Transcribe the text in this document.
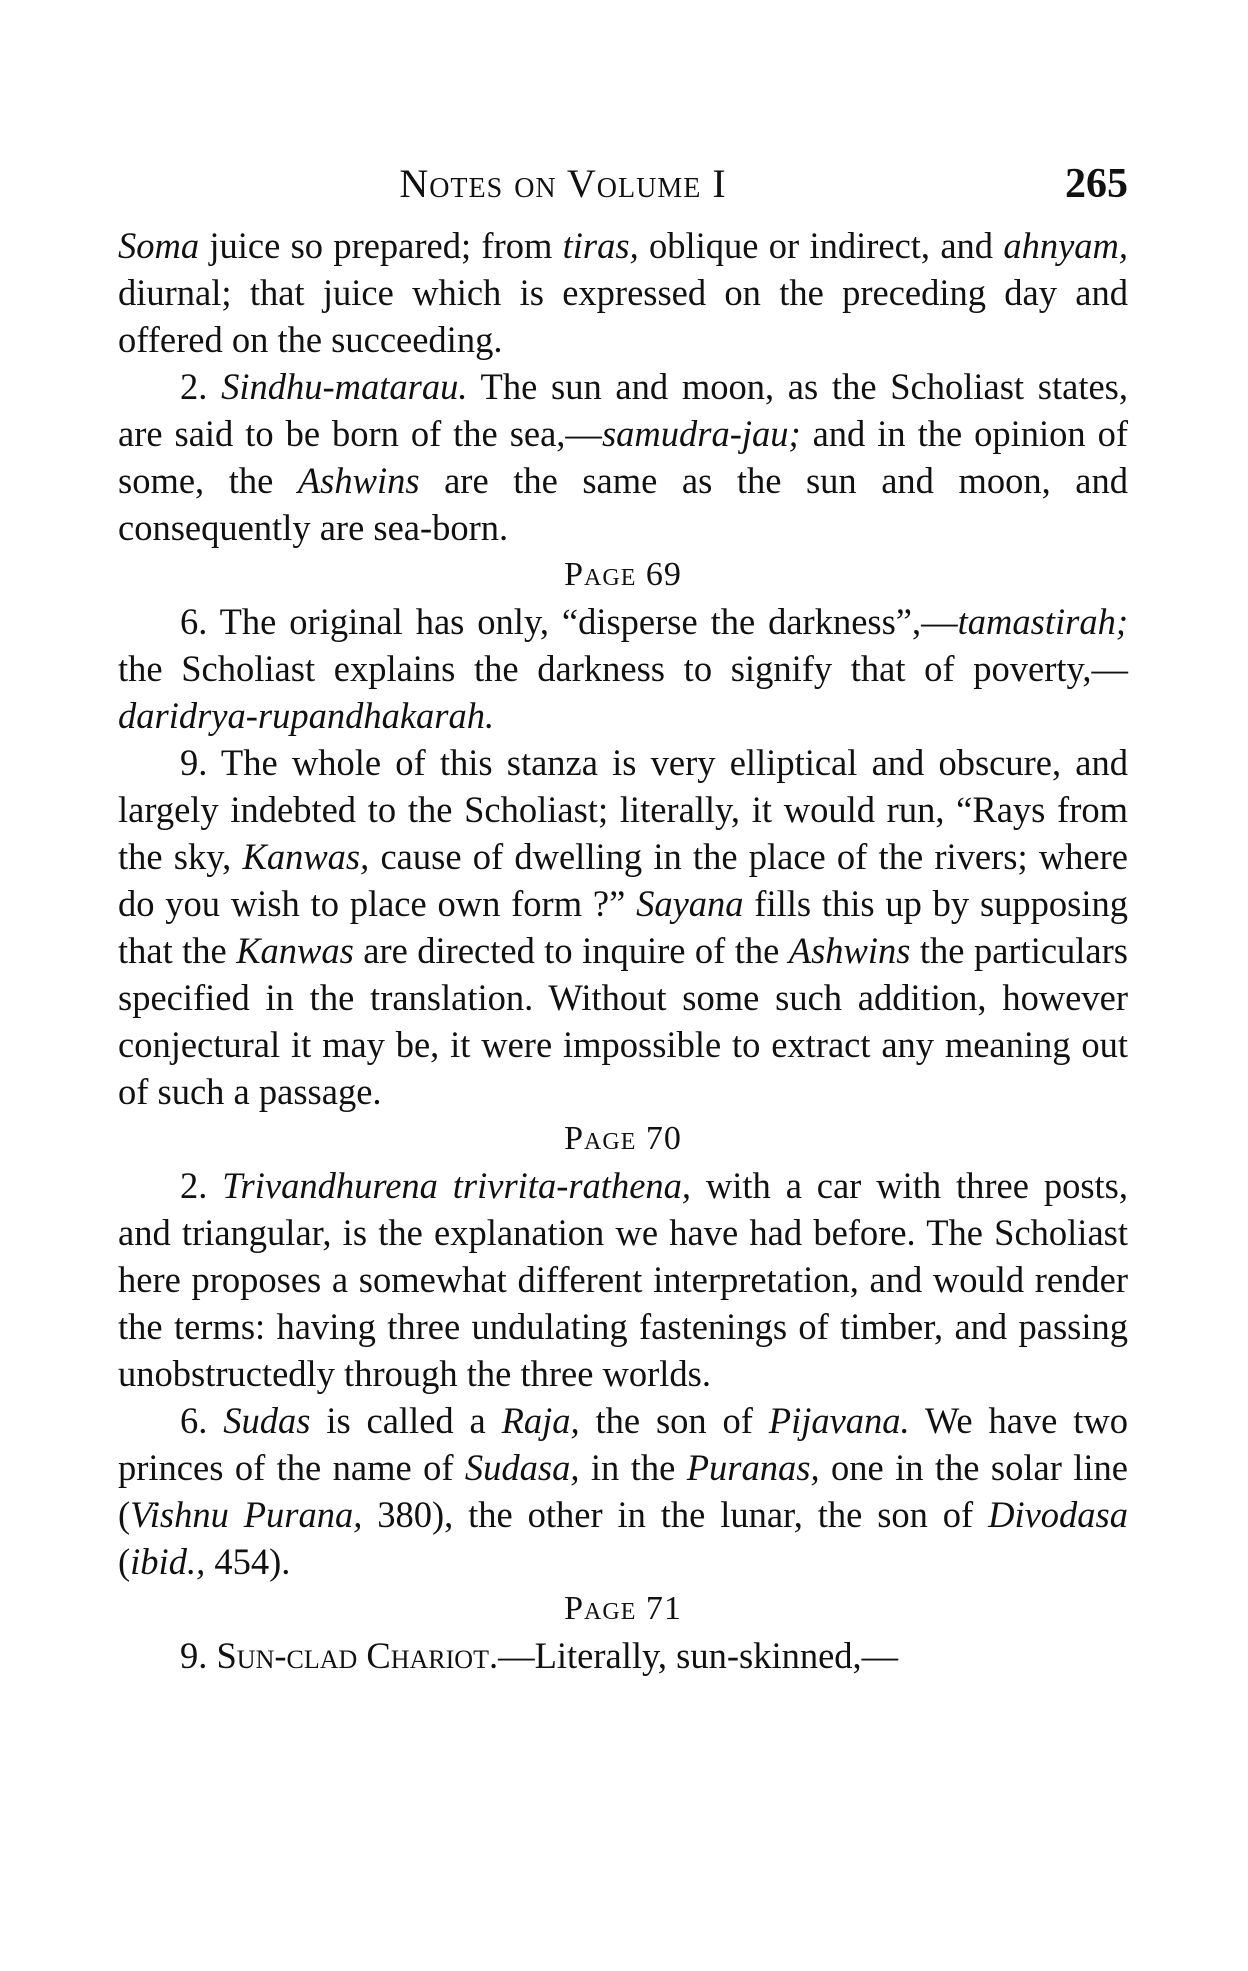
Notes on Volume I	265

Soma juice so prepared; from tiras, oblique or indirect, and ahnyam, diurnal; that juice which is expressed on the preceding day and offered on the succeeding.

2. Sindhu-matarau. The sun and moon, as the Scholiast states, are said to be born of the sea,—samudra-jau; and in the opinion of some, the Ashwins are the same as the sun and moon, and consequently are sea-born.

Page 69

6. The original has only, “disperse the darkness”,—tamastirah; the Scholiast explains the darkness to signify that of poverty,—daridrya-rupandhakarah.

9. The whole of this stanza is very elliptical and obscure, and largely indebted to the Scholiast; literally, it would run, “Rays from the sky, Kanwas, cause of dwelling in the place of the rivers; where do you wish to place own form ?” Sayana fills this up by supposing that the Kanwas are directed to inquire of the Ashwins the particulars specified in the translation. Without some such addition, however conjectural it may be, it were impossible to extract any meaning out of such a passage.

Page 70

2. Trivandhurena trivrita-rathena, with a car with three posts, and triangular, is the explanation we have had before. The Scholiast here proposes a somewhat different interpretation, and would render the terms: having three undulating fastenings of timber, and passing unobstructedly through the three worlds.

6. Sudas is called a Raja, the son of Pijavana. We have two princes of the name of Sudasa, in the Puranas, one in the solar line (Vishnu Purana, 380), the other in the lunar, the son of Divodasa (ibid., 454).

Page 71

9. Sun-clad Chariot.—Literally, sun-skinned,—
